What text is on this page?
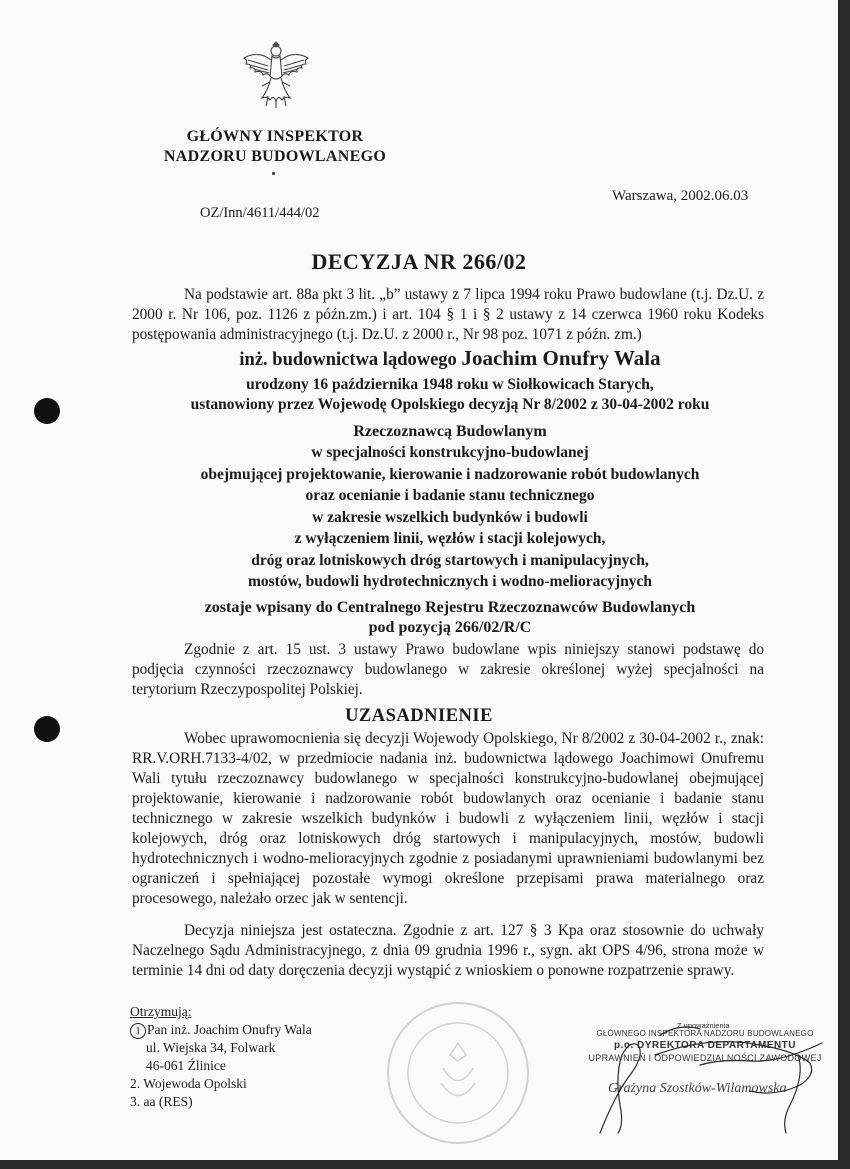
GŁÓWNY INSPEKTOR
NADZORU BUDOWLANEGO
Warszawa, 2002.06.03
OZ/Inn/4611/444/02
DECYZJA NR 266/02
Na podstawie art. 88a pkt 3 lit. „b” ustawy z 7 lipca 1994 roku Prawo budowlane (t.j. Dz.U. z 2000 r. Nr 106, poz. 1126 z późn.zm.) i art. 104 § 1 i § 2 ustawy z 14 czerwca 1960 roku Kodeks postępowania administracyjnego (t.j. Dz.U. z 2000 r., Nr 98 poz. 1071 z późn. zm.)
inż. budownictwa lądowego Joachim Onufry Wala
urodzony 16 października 1948 roku w Siołkowicach Starych,
ustanowiony przez Wojewodę Opolskiego decyzją Nr 8/2002 z 30-04-2002 roku
Rzeczoznawcą Budowlanym
w specjalności konstrukcyjno-budowlanej
obejmującej projektowanie, kierowanie i nadzorowanie robót budowlanych
oraz ocenianie i badanie stanu technicznego
w zakresie wszelkich budynków i budowli
z wyłączeniem linii, węzłów i stacji kolejowych,
dróg oraz lotniskowych dróg startowych i manipulacyjnych,
mostów, budowli hydrotechnicznych i wodno-melioracyjnych
zostaje wpisany do Centralnego Rejestru Rzeczoznawców Budowlanych
pod pozycją 266/02/R/C
Zgodnie z art. 15 ust. 3 ustawy Prawo budowlane wpis niniejszy stanowi podstawę do podjęcia czynności rzeczoznawcy budowlanego w zakresie określonej wyżej specjalności na terytorium Rzeczypospolitej Polskiej.
UZASADNIENIE
Wobec uprawomocnienia się decyzji Wojewody Opolskiego, Nr 8/2002 z 30-04-2002 r., znak: RR.V.ORH.7133-4/02, w przedmiocie nadania inż. budownictwa lądowego Joachimowi Onufremu Wali tytułu rzeczoznawcy budowlanego w specjalności konstrukcyjno-budowlanej obejmującej projektowanie, kierowanie i nadzorowanie robót budowlanych oraz ocenianie i badanie stanu technicznego w zakresie wszelkich budynków i budowli z wyłączeniem linii, węzłów i stacji kolejowych, dróg oraz lotniskowych dróg startowych i manipulacyjnych, mostów, budowli hydrotechnicznych i wodno-melioracyjnych zgodnie z posiadanymi uprawnieniami budowlanymi bez ograniczeń i spełniającej pozostałe wymogi określone przepisami prawa materialnego oraz procesowego, należało orzec jak w sentencji.
Decyzja niniejsza jest ostateczna. Zgodnie z art. 127 § 3 Kpa oraz stosownie do uchwały Naczelnego Sądu Administracyjnego, z dnia 09 grudnia 1996 r., sygn. akt OPS 4/96, strona może w terminie 14 dni od daty doręczenia decyzji wystąpić z wnioskiem o ponowne rozpatrzenie sprawy.
Otrzymują:
1 Pan inż. Joachim Onufry Wala
ul. Wiejska 34, Folwark
46-061 Źlinice
2. Wojewoda Opolski
3. aa (RES)
Z upoważnienia
GŁÓWNEGO INSPEKTORA NADZORU BUDOWLANEGO
p.o. DYREKTORA DEPARTAMENTU
UPRAWNIEŃ I ODPOWIEDZIALNOŚCI ZAWODOWEJ
Grażyna Szostków-Wilamowska
